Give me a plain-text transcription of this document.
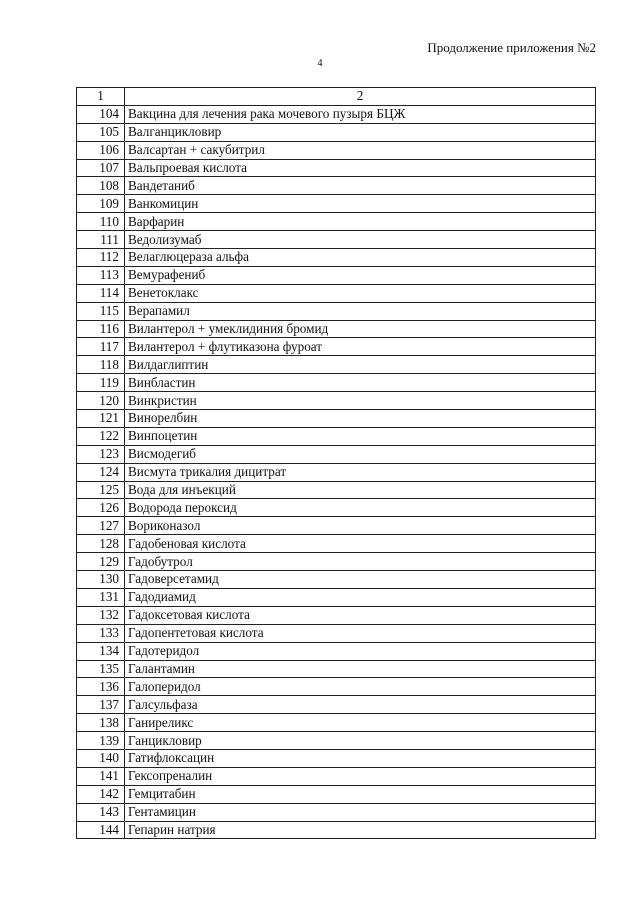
Продолжение приложения №2
4
1	2
104	Вакцина для лечения рака мочевого пузыря БЦЖ
105	Валганцикловир
106	Валсартан + сакубитрил
107	Вальпроевая кислота
108	Вандетаниб
109	Ванкомицин
110	Варфарин
111	Ведолизумаб
112	Велаглюцераза альфа
113	Вемурафениб
114	Венетоклакс
115	Верапамил
116	Вилантерол + умеклидиния бромид
117	Вилантерол + флутиказона фуроат
118	Вилдаглиптин
119	Винбластин
120	Винкристин
121	Винорелбин
122	Винпоцетин
123	Висмодегиб
124	Висмута трикалия дицитрат
125	Вода для инъекций
126	Водорода пероксид
127	Вориконазол
128	Гадобеновая кислота
129	Гадобутрол
130	Гадоверсетамид
131	Гадодиамид
132	Гадоксетовая кислота
133	Гадопентетовая кислота
134	Гадотеридол
135	Галантамин
136	Галоперидол
137	Галсульфаза
138	Ганиреликс
139	Ганцикловир
140	Гатифлоксацин
141	Гексопреналин
142	Гемцитабин
143	Гентамицин
144	Гепарин натрия
